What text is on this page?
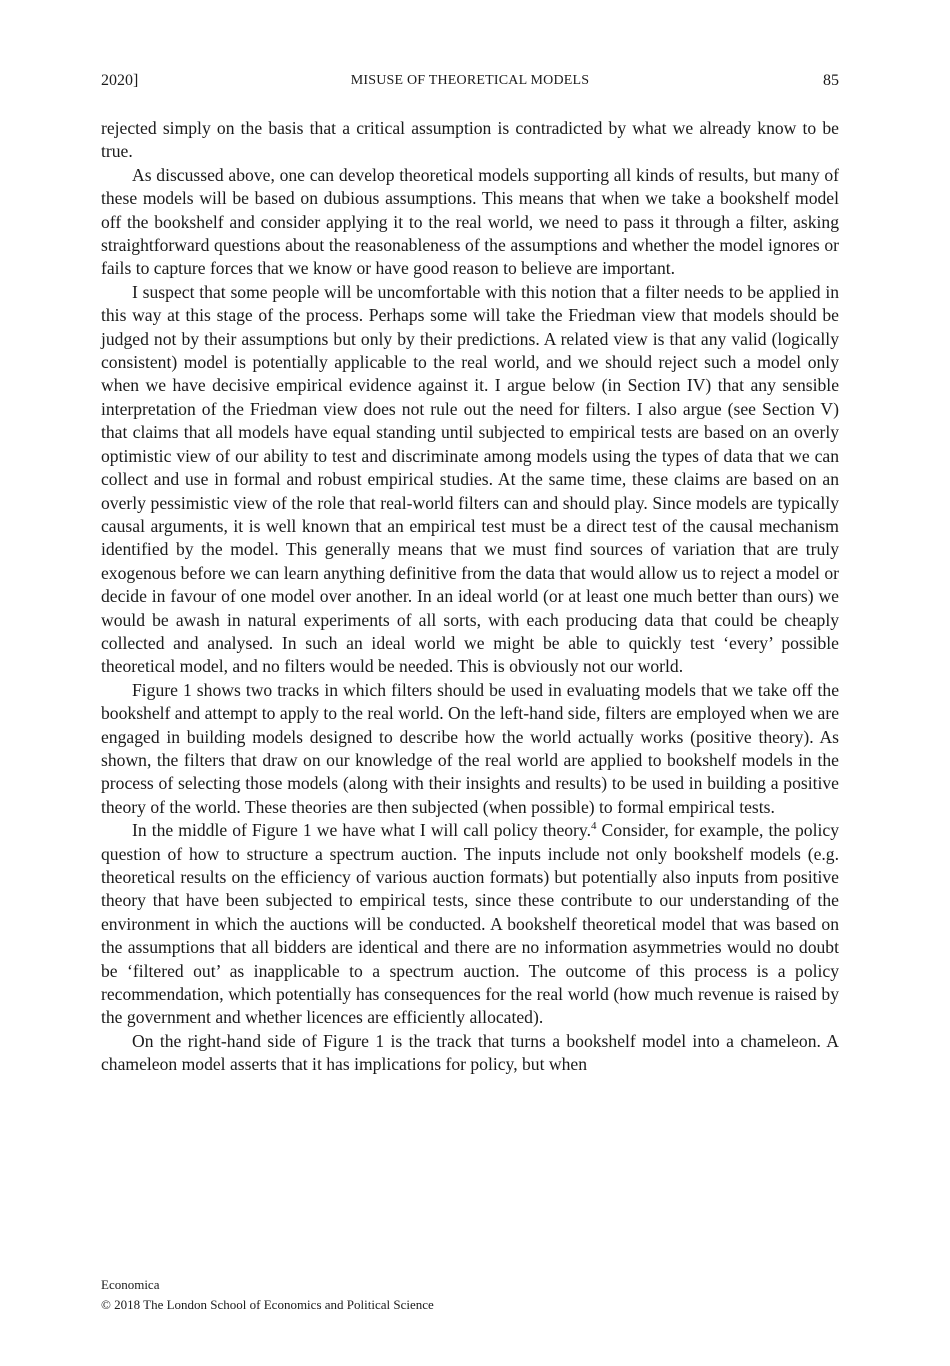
2020]	MISUSE OF THEORETICAL MODELS	85

rejected simply on the basis that a critical assumption is contradicted by what we already know to be true.

As discussed above, one can develop theoretical models supporting all kinds of results, but many of these models will be based on dubious assumptions. This means that when we take a bookshelf model off the bookshelf and consider applying it to the real world, we need to pass it through a filter, asking straightforward questions about the reasonableness of the assumptions and whether the model ignores or fails to capture forces that we know or have good reason to believe are important.

I suspect that some people will be uncomfortable with this notion that a filter needs to be applied in this way at this stage of the process. Perhaps some will take the Friedman view that models should be judged not by their assumptions but only by their predictions. A related view is that any valid (logically consistent) model is potentially applicable to the real world, and we should reject such a model only when we have decisive empirical evidence against it. I argue below (in Section IV) that any sensible interpretation of the Friedman view does not rule out the need for filters. I also argue (see Section V) that claims that all models have equal standing until subjected to empirical tests are based on an overly optimistic view of our ability to test and discriminate among models using the types of data that we can collect and use in formal and robust empirical studies. At the same time, these claims are based on an overly pessimistic view of the role that real-world filters can and should play. Since models are typically causal arguments, it is well known that an empirical test must be a direct test of the causal mechanism identified by the model. This generally means that we must find sources of variation that are truly exogenous before we can learn anything definitive from the data that would allow us to reject a model or decide in favour of one model over another. In an ideal world (or at least one much better than ours) we would be awash in natural experiments of all sorts, with each producing data that could be cheaply collected and analysed. In such an ideal world we might be able to quickly test ‘every’ possible theoretical model, and no filters would be needed. This is obviously not our world.

Figure 1 shows two tracks in which filters should be used in evaluating models that we take off the bookshelf and attempt to apply to the real world. On the left-hand side, filters are employed when we are engaged in building models designed to describe how the world actually works (positive theory). As shown, the filters that draw on our knowledge of the real world are applied to bookshelf models in the process of selecting those models (along with their insights and results) to be used in building a positive theory of the world. These theories are then subjected (when possible) to formal empirical tests.

In the middle of Figure 1 we have what I will call policy theory.$^4$ Consider, for example, the policy question of how to structure a spectrum auction. The inputs include not only bookshelf models (e.g. theoretical results on the efficiency of various auction formats) but potentially also inputs from positive theory that have been subjected to empirical tests, since these contribute to our understanding of the environment in which the auctions will be conducted. A bookshelf theoretical model that was based on the assumptions that all bidders are identical and there are no information asymmetries would no doubt be ‘filtered out’ as inapplicable to a spectrum auction. The outcome of this process is a policy recommendation, which potentially has consequences for the real world (how much revenue is raised by the government and whether licences are efficiently allocated).

On the right-hand side of Figure 1 is the track that turns a bookshelf model into a chameleon. A chameleon model asserts that it has implications for policy, but when

Economica
© 2018 The London School of Economics and Political Science
